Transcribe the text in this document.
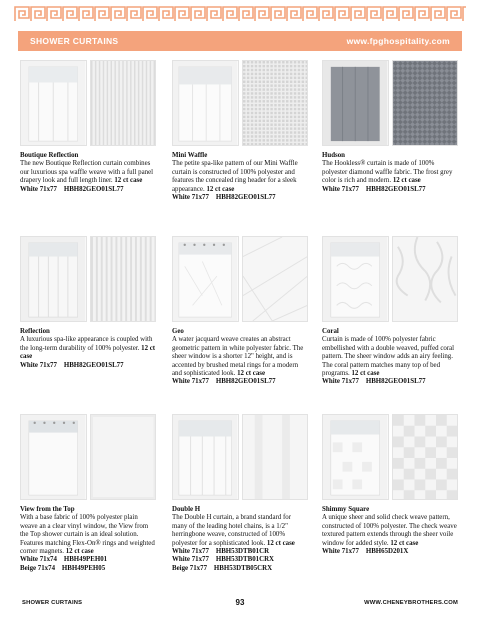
SHOWER CURTAINS	www.fpghospitality.com
Boutique Reflection
The new Boutique Reflection curtain combines our luxurious spa waffle weave with a full panel drapery look and full length liner. 12 ct case
White 71x77    HBH82GEO01SL77
Mini Waffle
The petite spa-like pattern of our Mini Waffle curtain is constructed of 100% polyester and features the concealed ring header for a sleek appearance. 12 ct case
White 71x77    HBH82GEO01SL77
Hudson
The Hookless® curtain is made of 100% polyester diamond waffle fabric. The frost grey color is rich and modern. 12 ct case
White 71x77    HBH82GEO01SL77
Reflection
A luxurious spa-like appearance is coupled with the long-term durability of 100% polyester. 12 ct case
White 71x77    HBH82GEO01SL77
Geo
A water jacquard weave creates an abstract geometric pattern in white polyester fabric. The sheer window is a shorter 12" height, and is accented by brushed metal rings for a modern and sophisticated look. 12 ct case
White 71x77    HBH82GEO01SL77
Coral
Curtain is made of 100% polyester fabric embellished with a double weaved, puffed coral pattern. The sheer window adds an airy feeling. The coral pattern matches many top of bed programs. 12 ct case
White 71x77    HBH82GEO01SL77
View from the Top
With a base fabric of 100% polyester plain weave an a clear vinyl window, the View from the Top shower curtain is an ideal solution. Features matching Flex-On® rings and weighted corner magnets. 12 ct case
White 71x74    HBH49PEH01
Beige 71x74    HBH49PEH05
Double H
The Double H curtain, a brand standard for many of the leading hotel chains, is a 1/2" herringbone weave, constructed of 100% polyester for a sophisticated look. 12 ct case
White 71x77    HBH53DTB01CR
White 71x77    HBH53DTB01CRX
Beige 71x77    HBH53DTB05CRX
Shimmy Square
A unique sheer and solid check weave pattern, constructed of 100% polyester. The check weave textured pattern extends through the sheer voile window for added style. 12 ct case
White 71x77    HBH65D201X
SHOWER CURTAINS	93	WWW.CHENEYBROTHERS.COM
